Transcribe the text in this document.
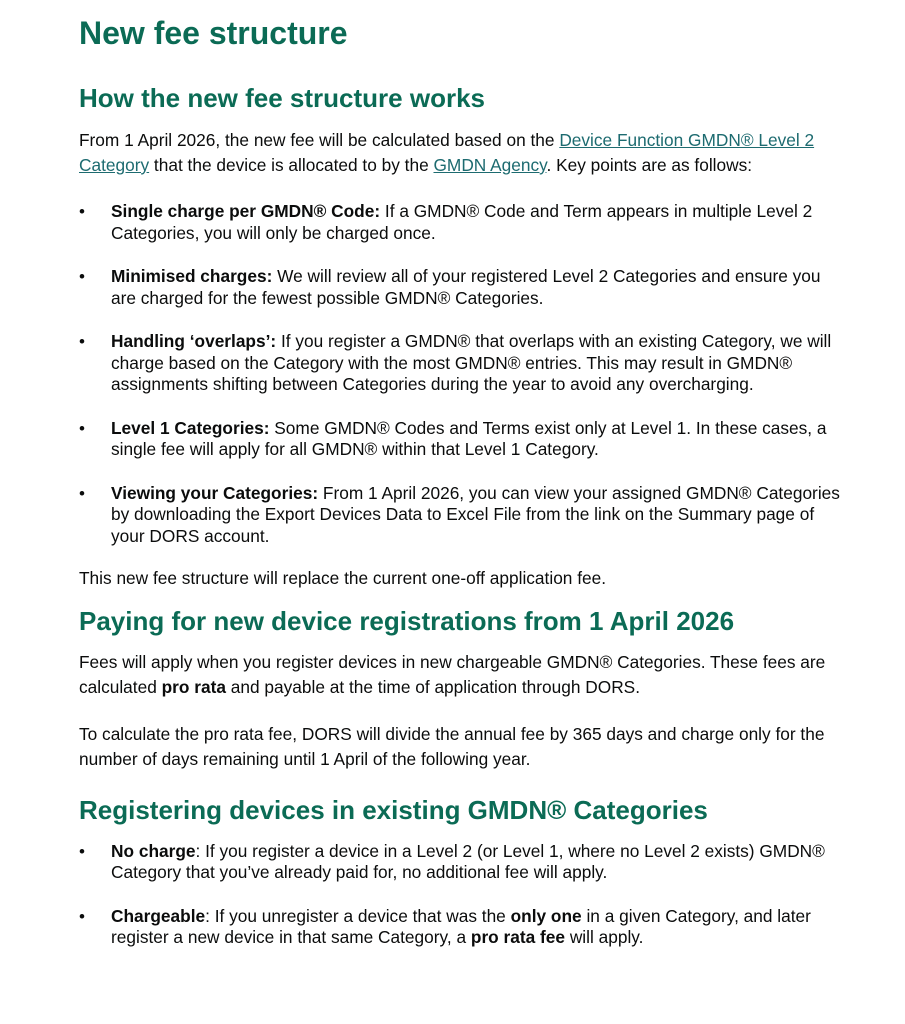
New fee structure
How the new fee structure works

From 1 April 2026, the new fee will be calculated based on the Device Function GMDN® Level 2 Category that the device is allocated to by the GMDN Agency. Key points are as follows:

• Single charge per GMDN® Code: If a GMDN® Code and Term appears in multiple Level 2 Categories, you will only be charged once.
• Minimised charges: We will review all of your registered Level 2 Categories and ensure you are charged for the fewest possible GMDN® Categories.
• Handling ‘overlaps’: If you register a GMDN® that overlaps with an existing Category, we will charge based on the Category with the most GMDN® entries. This may result in GMDN® assignments shifting between Categories during the year to avoid any overcharging.
• Level 1 Categories: Some GMDN® Codes and Terms exist only at Level 1. In these cases, a single fee will apply for all GMDN® within that Level 1 Category.
• Viewing your Categories: From 1 April 2026, you can view your assigned GMDN® Categories by downloading the Export Devices Data to Excel File from the link on the Summary page of your DORS account.

This new fee structure will replace the current one-off application fee.

Paying for new device registrations from 1 April 2026

Fees will apply when you register devices in new chargeable GMDN® Categories. These fees are calculated pro rata and payable at the time of application through DORS.

To calculate the pro rata fee, DORS will divide the annual fee by 365 days and charge only for the number of days remaining until 1 April of the following year.

Registering devices in existing GMDN® Categories
• No charge: If you register a device in a Level 2 (or Level 1, where no Level 2 exists) GMDN® Category that you’ve already paid for, no additional fee will apply.
• Chargeable: If you unregister a device that was the only one in a given Category, and later register a new device in that same Category, a pro rata fee will apply.
